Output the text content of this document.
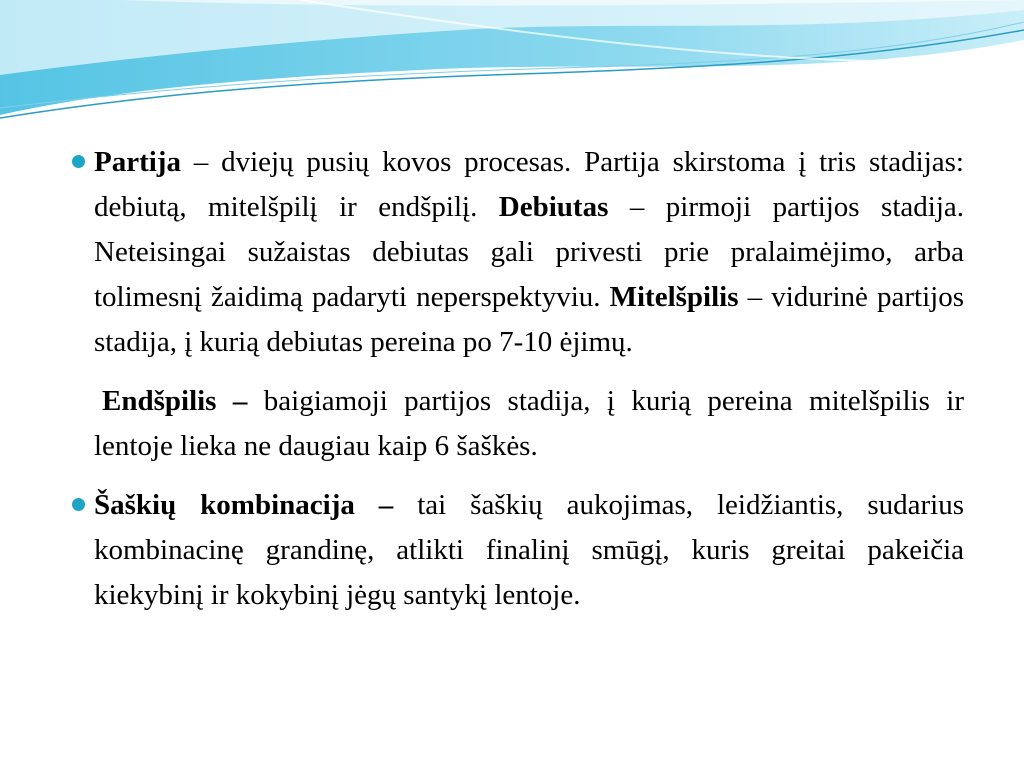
Partija – dviejų pusių kovos procesas. Partija skirstoma į tris stadijas: debiutą, mitelšpilį ir endšpilį. Debiutas – pirmoji partijos stadija. Neteisingai sužaistas debiutas gali privesti prie pralaimėjimo, arba tolimesnį žaidimą padaryti neperspektyviu. Mitelšpilis – vidurinė partijos stadija, į kurią debiutas pereina po 7-10 ėjimų.

Endšpilis – baigiamoji partijos stadija, į kurią pereina mitelšpilis ir lentoje lieka ne daugiau kaip 6 šaškės.

Šaškių kombinacija – tai šaškių aukojimas, leidžiantis, sudarius kombinacinę grandinę, atlikti finalinį smūgį, kuris greitai pakeičia kiekybinį ir kokybinį jėgų santykį lentoje.
